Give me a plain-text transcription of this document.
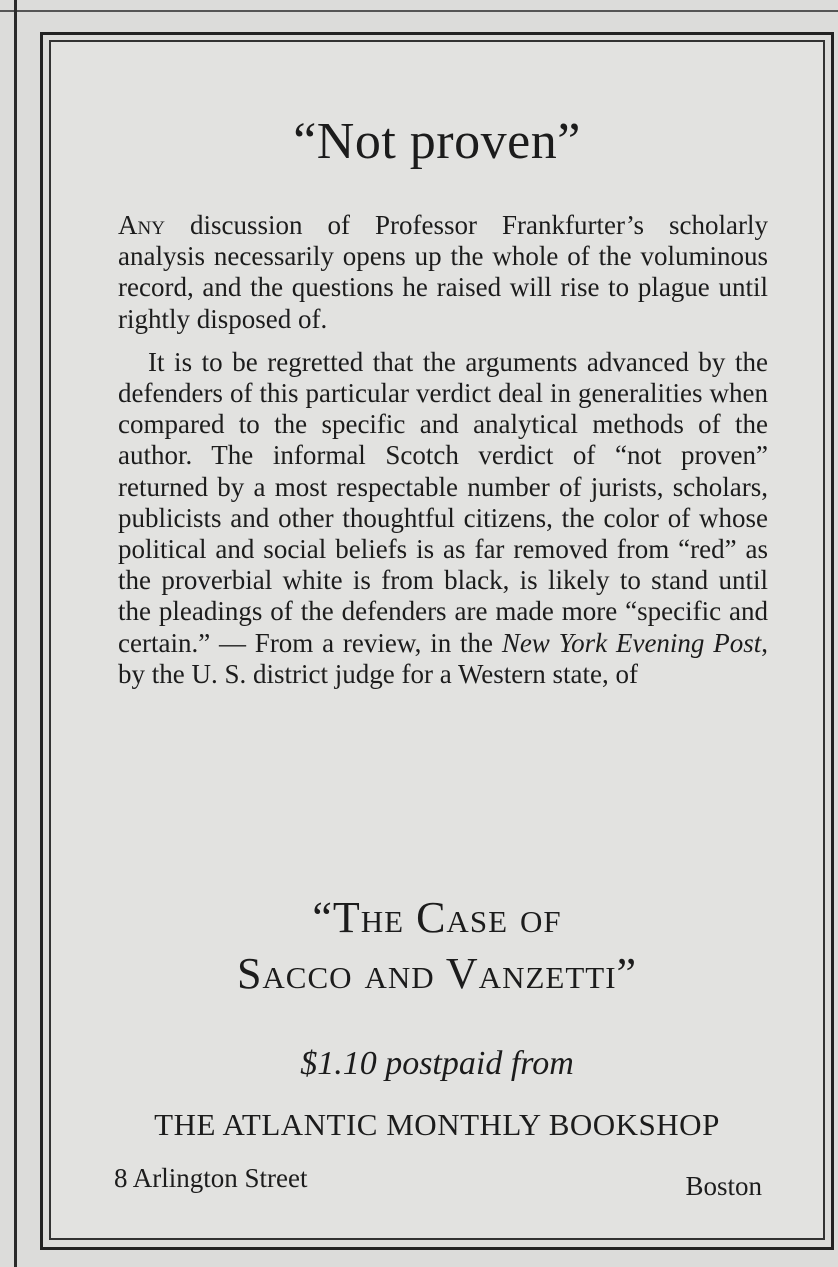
“Not proven”

Any discussion of Professor Frankfurter’s scholarly analysis necessarily opens up the whole of the voluminous record, and the questions he raised will rise to plague until rightly disposed of.

It is to be regretted that the arguments advanced by the defenders of this particular verdict deal in generalities when compared to the specific and analytical methods of the author. The informal Scotch verdict of “not proven” returned by a most respectable number of jurists, scholars, publicists and other thoughtful citizens, the color of whose political and social beliefs is as far removed from “red” as the proverbial white is from black, is likely to stand until the pleadings of the defenders are made more “specific and certain.” — From a review, in the New York Evening Post, by the U. S. district judge for a Western state, of

“The Case of
Sacco and Vanzetti”
$1.10 postpaid from
THE ATLANTIC MONTHLY BOOKSHOP
8 Arlington Street	Boston
